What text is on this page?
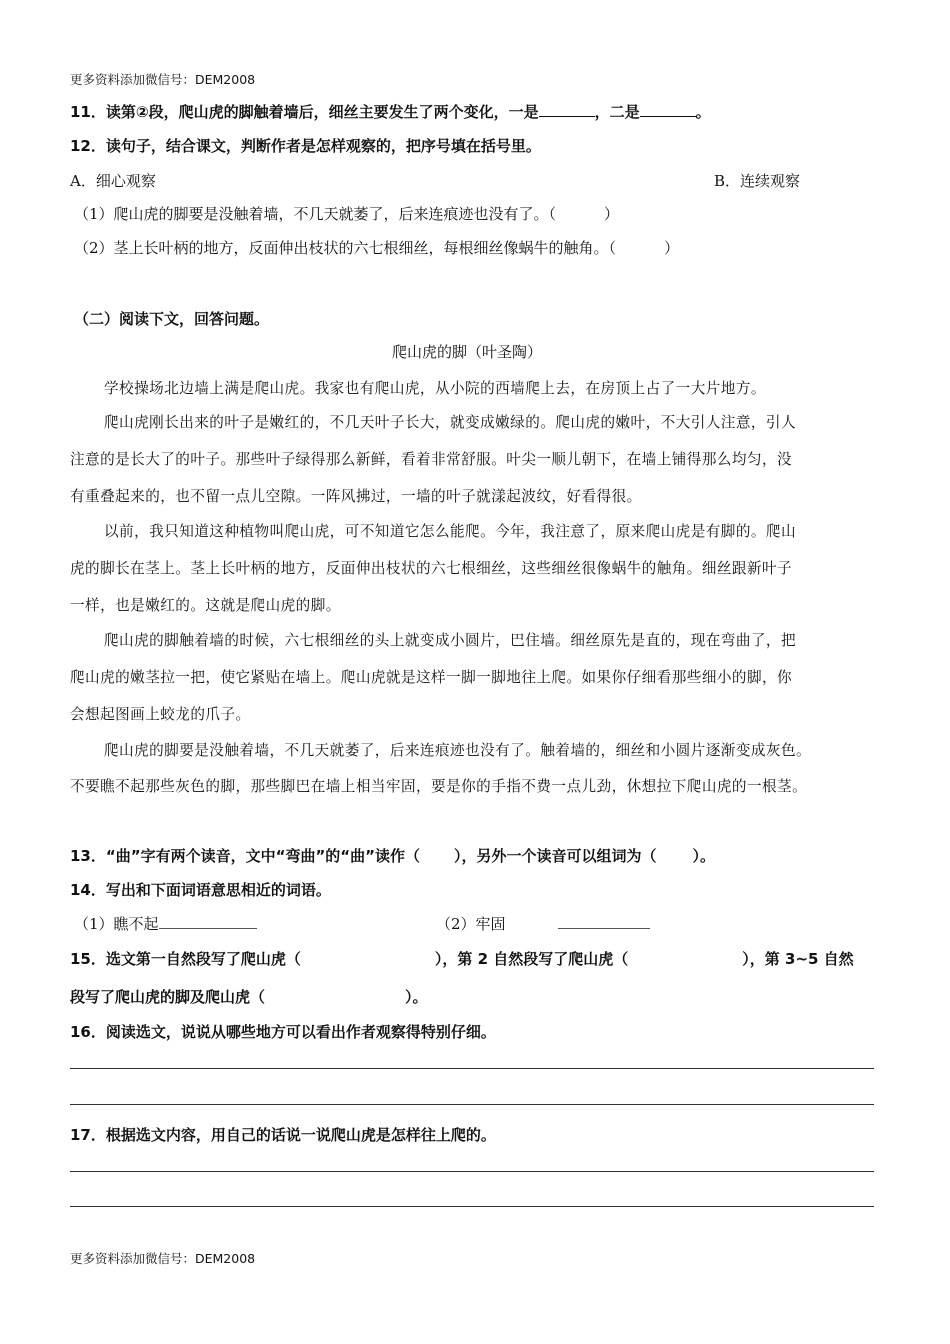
更多资料添加微信号：DEM2008
11．读第②段，爬山虎的脚触着墙后，细丝主要发生了两个变化，一是	，二是	。
12．读句子，结合课文，判断作者是怎样观察的，把序号填在括号里。
A．细心观察	B．连续观察
（1）爬山虎的脚要是没触着墙，不几天就萎了，后来连痕迹也没有了。（	）
（2）茎上长叶柄的地方，反面伸出枝状的六七根细丝，每根细丝像蜗牛的触角。（	）
（二）阅读下文，回答问题。
爬山虎的脚（叶圣陶）
学校操场北边墙上满是爬山虎。我家也有爬山虎，从小院的西墙爬上去，在房顶上占了一大片地方。
爬山虎刚长出来的叶子是嫩红的，不几天叶子长大，就变成嫩绿的。爬山虎的嫩叶，不大引人注意，引人
注意的是长大了的叶子。那些叶子绿得那么新鲜，看着非常舒服。叶尖一顺儿朝下，在墙上铺得那么均匀，没
有重叠起来的，也不留一点儿空隙。一阵风拂过，一墙的叶子就漾起波纹，好看得很。
以前，我只知道这种植物叫爬山虎，可不知道它怎么能爬。今年，我注意了，原来爬山虎是有脚的。爬山
虎的脚长在茎上。茎上长叶柄的地方，反面伸出枝状的六七根细丝，这些细丝很像蜗牛的触角。细丝跟新叶子
一样，也是嫩红的。这就是爬山虎的脚。
爬山虎的脚触着墙的时候，六七根细丝的头上就变成小圆片，巴住墙。细丝原先是直的，现在弯曲了，把
爬山虎的嫩茎拉一把，使它紧贴在墙上。爬山虎就是这样一脚一脚地往上爬。如果你仔细看那些细小的脚，你
会想起图画上蛟龙的爪子。
爬山虎的脚要是没触着墙，不几天就萎了，后来连痕迹也没有了。触着墙的，细丝和小圆片逐渐变成灰色。
不要瞧不起那些灰色的脚，那些脚巴在墙上相当牢固，要是你的手指不费一点儿劲，休想拉下爬山虎的一根茎。
13．“曲”字有两个读音，文中“弯曲”的“曲”读作（ ），另外一个读音可以组词为（ ）。
14．写出和下面词语意思相近的词语。
（1）瞧不起	（2）牢固
15．选文第一自然段写了爬山虎（	），第 2 自然段写了爬山虎（	），第 3~5 自然
段写了爬山虎的脚及爬山虎（	）。
16．阅读选文，说说从哪些地方可以看出作者观察得特别仔细。
17．根据选文内容，用自己的话说一说爬山虎是怎样往上爬的。
更多资料添加微信号：DEM2008
